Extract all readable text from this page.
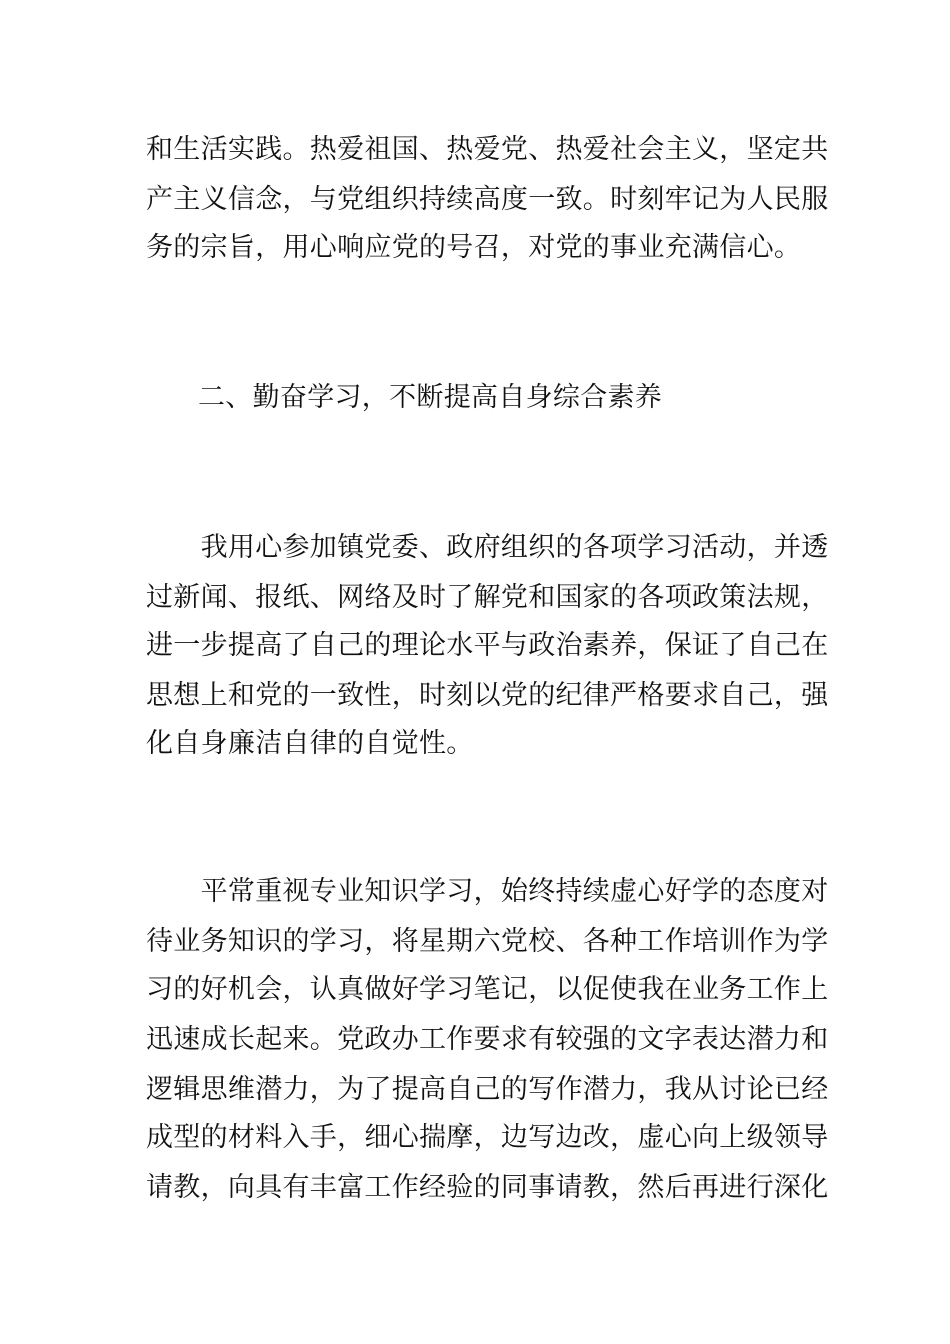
和生活实践。热爱祖国、热爱党、热爱社会主义，坚定共
产主义信念，与党组织持续高度一致。时刻牢记为人民服
务的宗旨，用心响应党的号召，对党的事业充满信心。
二、勤奋学习，不断提高自身综合素养
　　我用心参加镇党委、政府组织的各项学习活动，并透
过新闻、报纸、网络及时了解党和国家的各项政策法规，
进一步提高了自己的理论水平与政治素养，保证了自己在
思想上和党的一致性，时刻以党的纪律严格要求自己，强
化自身廉洁自律的自觉性。
　　平常重视专业知识学习，始终持续虚心好学的态度对
待业务知识的学习，将星期六党校、各种工作培训作为学
习的好机会，认真做好学习笔记，以促使我在业务工作上
迅速成长起来。党政办工作要求有较强的文字表达潜力和
逻辑思维潜力，为了提高自己的写作潜力，我从讨论已经
成型的材料入手，细心揣摩，边写边改，虚心向上级领导
请教，向具有丰富工作经验的同事请教，然后再进行深化
